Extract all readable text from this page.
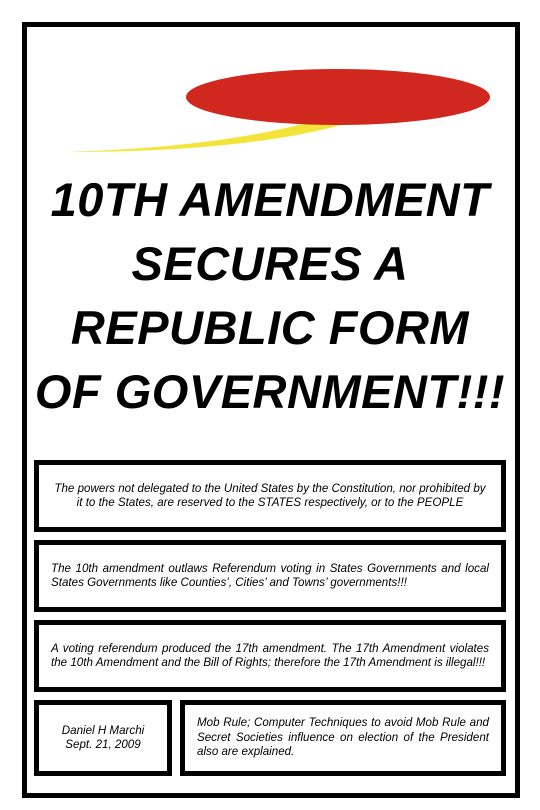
10TH AMENDMENT
SECURES A
REPUBLIC FORM
OF GOVERNMENT!!!

The powers not delegated to the United States by the Constitution, nor prohibited by it to the States, are reserved to the STATES respectively, or to the PEOPLE

The 10th amendment outlaws Referendum voting in States Governments and local States Governments like Counties’, Cities’ and Towns’ governments!!!

A voting referendum produced the 17th amendment. The 17th Amendment violates the 10th Amendment and the Bill of Rights; therefore the 17th Amendment is illegal!!!

Daniel H Marchi
Sept. 21, 2009

Mob Rule; Computer Techniques to avoid Mob Rule and Secret Societies influence on election of the President also are explained.
